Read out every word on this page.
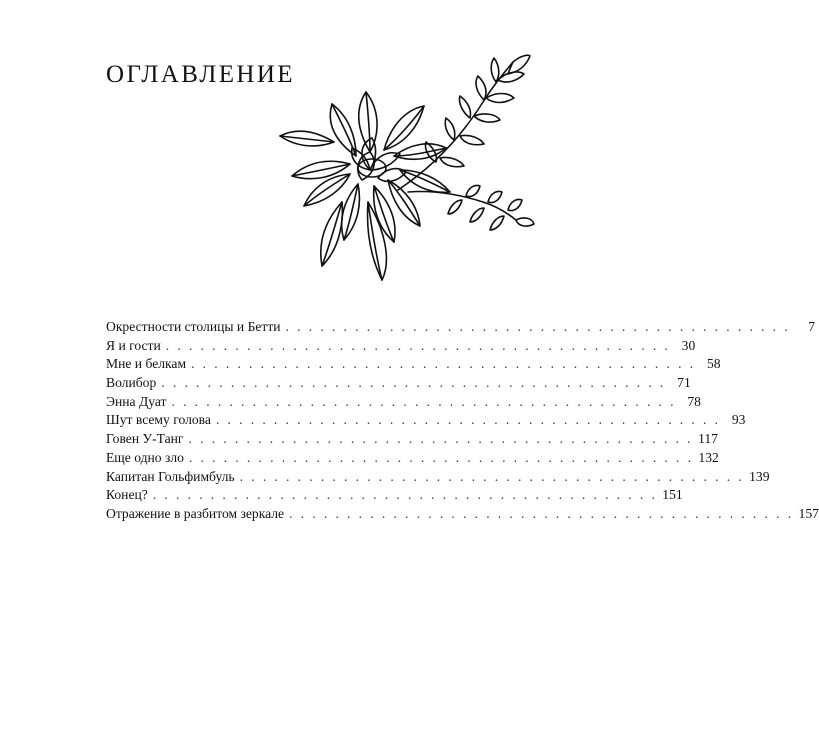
ОГЛАВЛЕНИЕ
Окрестности столицы и Бетти . . . . . . . . . . . . . . . . . . . . . . . . . . . . . . . . . . . . . . . . . . . .	7
Я и гости . . . . . . . . . . . . . . . . . . . . . . . . . . . . . . . . . . . . . . . . . . . . 30
Мне и белкам . . . . . . . . . . . . . . . . . . . . . . . . . . . . . . . . . . . . . . . . . . . . 58
Волибор . . . . . . . . . . . . . . . . . . . . . . . . . . . . . . . . . . . . . . . . . . . . 71
Энна Дуат . . . . . . . . . . . . . . . . . . . . . . . . . . . . . . . . . . . . . . . . . . . . 78
Шут всему голова . . . . . . . . . . . . . . . . . . . . . . . . . . . . . . . . . . . . . . . . . . . . 93
Говен У-Танг . . . . . . . . . . . . . . . . . . . . . . . . . . . . . . . . . . . . . . . . . . . . 117
Еще одно зло . . . . . . . . . . . . . . . . . . . . . . . . . . . . . . . . . . . . . . . . . . . . 132
Капитан Гольфимбуль . . . . . . . . . . . . . . . . . . . . . . . . . . . . . . . . . . . . . . . . . . . . 139
Конец? . . . . . . . . . . . . . . . . . . . . . . . . . . . . . . . . . . . . . . . . . . . . 151
Отражение в разбитом зеркале . . . . . . . . . . . . . . . . . . . . . . . . . . . . . . . . . . . . . . . . . . . . 157
